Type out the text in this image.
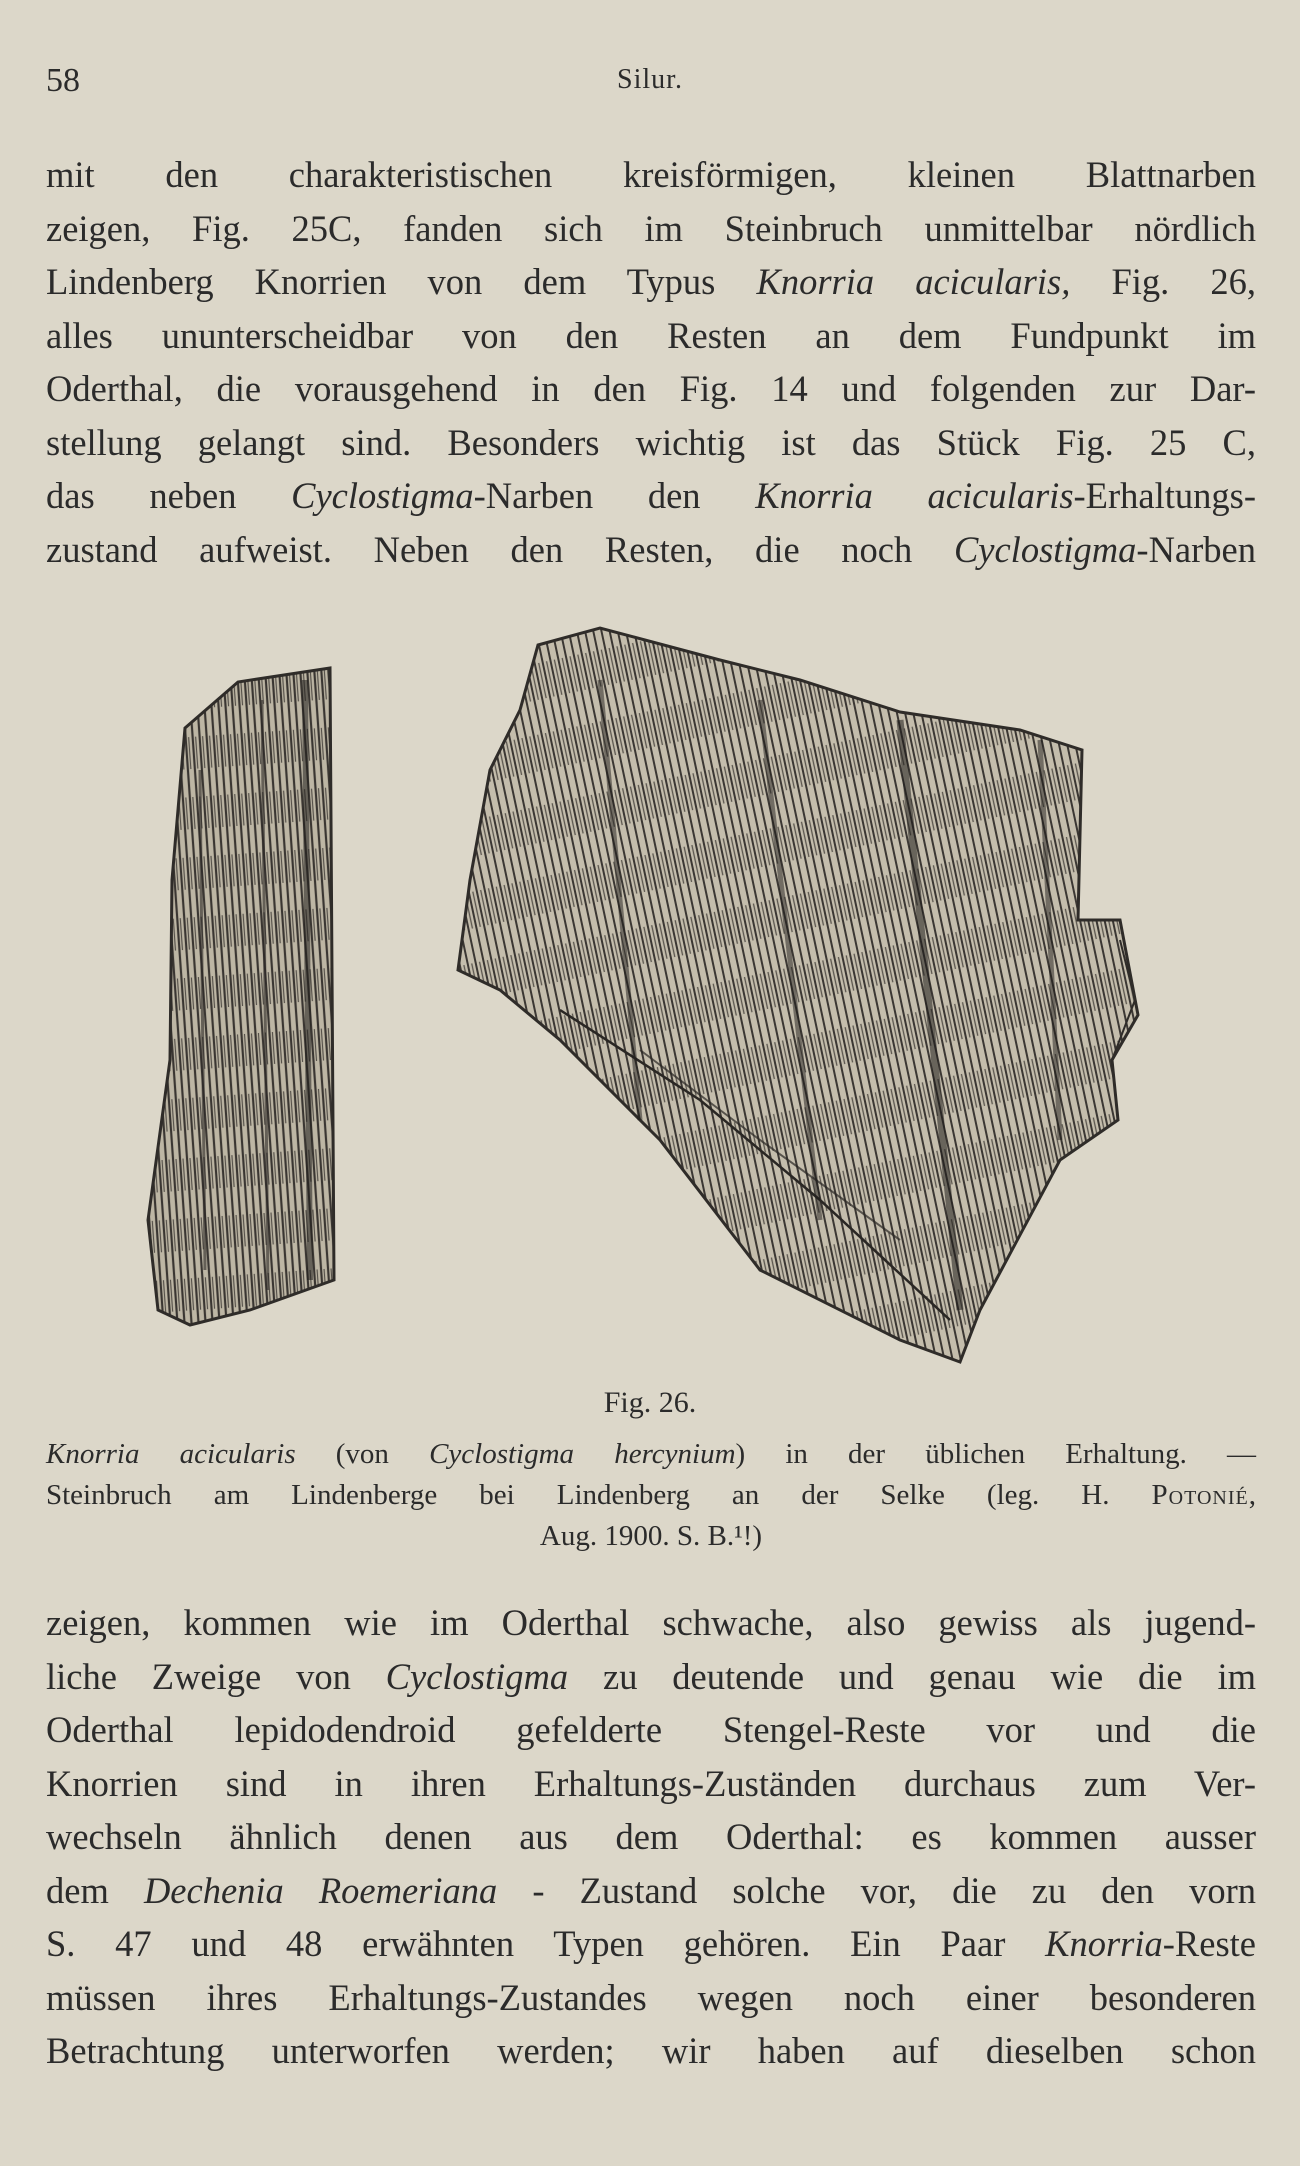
58	Silur.
mit den charakteristischen kreisförmigen, kleinen Blattnarben
zeigen, Fig. 25C, fanden sich im Steinbruch unmittelbar nördlich
Lindenberg Knorrien von dem Typus Knorria acicularis, Fig. 26,
alles ununterscheidbar von den Resten an dem Fundpunkt im
Oderthal, die vorausgehend in den Fig. 14 und folgenden zur Dar-
stellung gelangt sind. Besonders wichtig ist das Stück Fig. 25 C,
das neben Cyclostigma-Narben den Knorria acicularis-Erhaltungs-
zustand aufweist. Neben den Resten, die noch Cyclostigma-Narben
Fig. 26.
Knorria acicularis (von Cyclostigma hercynium) in der üblichen Erhaltung. —
Steinbruch am Lindenberge bei Lindenberg an der Selke (leg. H. Potonié,
Aug. 1900. S. B.¹!)
zeigen, kommen wie im Oderthal schwache, also gewiss als jugend-
liche Zweige von Cyclostigma zu deutende und genau wie die im
Oderthal lepidodendroid gefelderte Stengel-Reste vor und die
Knorrien sind in ihren Erhaltungs-Zuständen durchaus zum Ver-
wechseln ähnlich denen aus dem Oderthal: es kommen ausser
dem Dechenia Roemeriana - Zustand solche vor, die zu den vorn
S. 47 und 48 erwähnten Typen gehören. Ein Paar Knorria-Reste
müssen ihres Erhaltungs-Zustandes wegen noch einer besonderen
Betrachtung unterworfen werden; wir haben auf dieselben schon
